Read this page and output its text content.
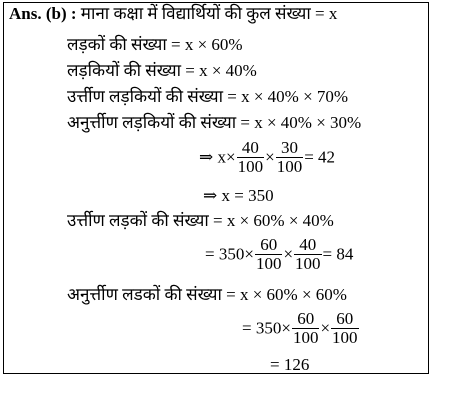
Ans. (b) : माना कक्षा में विद्यार्थियों की कुल संख्या = x
लड़कों की संख्या = x × 60%
लड़कियों की संख्या = x × 40%
उर्त्तीण लड़कियों की संख्या = x × 40% × 70%
अनुर्त्तीण लड़कियों की संख्या = x × 40% × 30%
⇒ $x\times \frac{40}{100} \times \frac{30}{100} = 42$
⇒ x = 350
उर्त्तीण लड़कों की संख्या = x × 60% × 40%
= $350\times \frac{60}{100} \times \frac{40}{100} = 84$
अनुर्त्तीण लडकों की संख्या = x × 60% × 60%
= $350\times \frac{60}{100} \times \frac{60}{100}$
= 126
